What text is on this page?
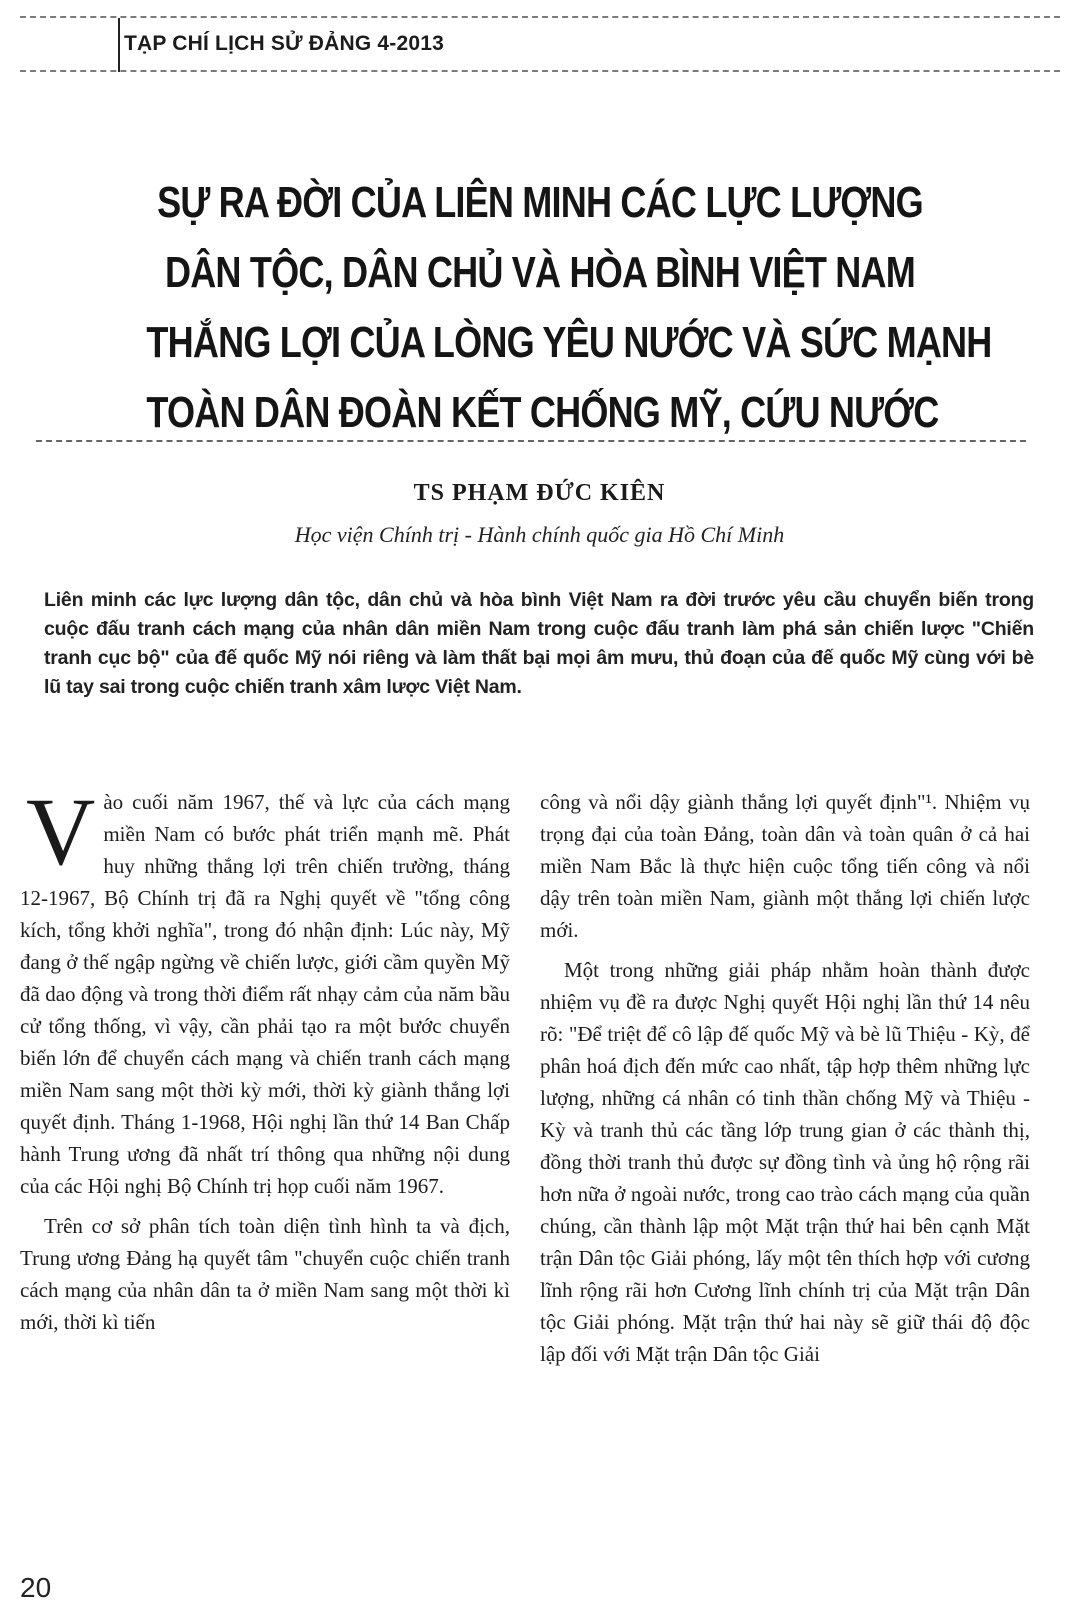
TẠP CHÍ LỊCH SỬ ĐẢNG 4-2013
SỰ RA ĐỜI CỦA LIÊN MINH CÁC LỰC LƯỢNG
DÂN TỘC, DÂN CHỦ VÀ HÒA BÌNH VIỆT NAM
THẮNG LỢI CỦA LÒNG YÊU NƯỚC VÀ SỨC MẠNH
TOÀN DÂN ĐOÀN KẾT CHỐNG MỸ, CỨU NƯỚC
TS PHẠM ĐỨC KIÊN
Học viện Chính trị - Hành chính quốc gia Hồ Chí Minh
Liên minh các lực lượng dân tộc, dân chủ và hòa bình Việt Nam ra đời trước yêu cầu chuyển biến trong cuộc đấu tranh cách mạng của nhân dân miền Nam trong cuộc đấu tranh làm phá sản chiến lược "Chiến tranh cục bộ" của đế quốc Mỹ nói riêng và làm thất bại mọi âm mưu, thủ đoạn của đế quốc Mỹ cùng với bè lũ tay sai trong cuộc chiến tranh xâm lược Việt Nam.

Vào cuối năm 1967, thế và lực của cách mạng miền Nam có bước phát triển mạnh mẽ. Phát huy những thắng lợi trên chiến trường, tháng 12-1967, Bộ Chính trị đã ra Nghị quyết về "tổng công kích, tổng khởi nghĩa", trong đó nhận định: Lúc này, Mỹ đang ở thế ngập ngừng về chiến lược, giới cầm quyền Mỹ đã dao động và trong thời điểm rất nhạy cảm của năm bầu cử tổng thống, vì vậy, cần phải tạo ra một bước chuyển biến lớn để chuyển cách mạng và chiến tranh cách mạng miền Nam sang một thời kỳ mới, thời kỳ giành thắng lợi quyết định. Tháng 1-1968, Hội nghị lần thứ 14 Ban Chấp hành Trung ương đã nhất trí thông qua những nội dung của các Hội nghị Bộ Chính trị họp cuối năm 1967.

Trên cơ sở phân tích toàn diện tình hình ta và địch, Trung ương Đảng hạ quyết tâm "chuyển cuộc chiến tranh cách mạng của nhân dân ta ở miền Nam sang một thời kì mới, thời kì tiến

công và nổi dậy giành thắng lợi quyết định"¹. Nhiệm vụ trọng đại của toàn Đảng, toàn dân và toàn quân ở cả hai miền Nam Bắc là thực hiện cuộc tổng tiến công và nổi dậy trên toàn miền Nam, giành một thắng lợi chiến lược mới.

Một trong những giải pháp nhằm hoàn thành được nhiệm vụ đề ra được Nghị quyết Hội nghị lần thứ 14 nêu rõ: "Để triệt để cô lập đế quốc Mỹ và bè lũ Thiệu - Kỳ, để phân hoá địch đến mức cao nhất, tập hợp thêm những lực lượng, những cá nhân có tinh thần chống Mỹ và Thiệu - Kỳ và tranh thủ các tầng lớp trung gian ở các thành thị, đồng thời tranh thủ được sự đồng tình và ủng hộ rộng rãi hơn nữa ở ngoài nước, trong cao trào cách mạng của quần chúng, cần thành lập một Mặt trận thứ hai bên cạnh Mặt trận Dân tộc Giải phóng, lấy một tên thích hợp với cương lĩnh rộng rãi hơn Cương lĩnh chính trị của Mặt trận Dân tộc Giải phóng. Mặt trận thứ hai này sẽ giữ thái độ độc lập đối với Mặt trận Dân tộc Giải

20
